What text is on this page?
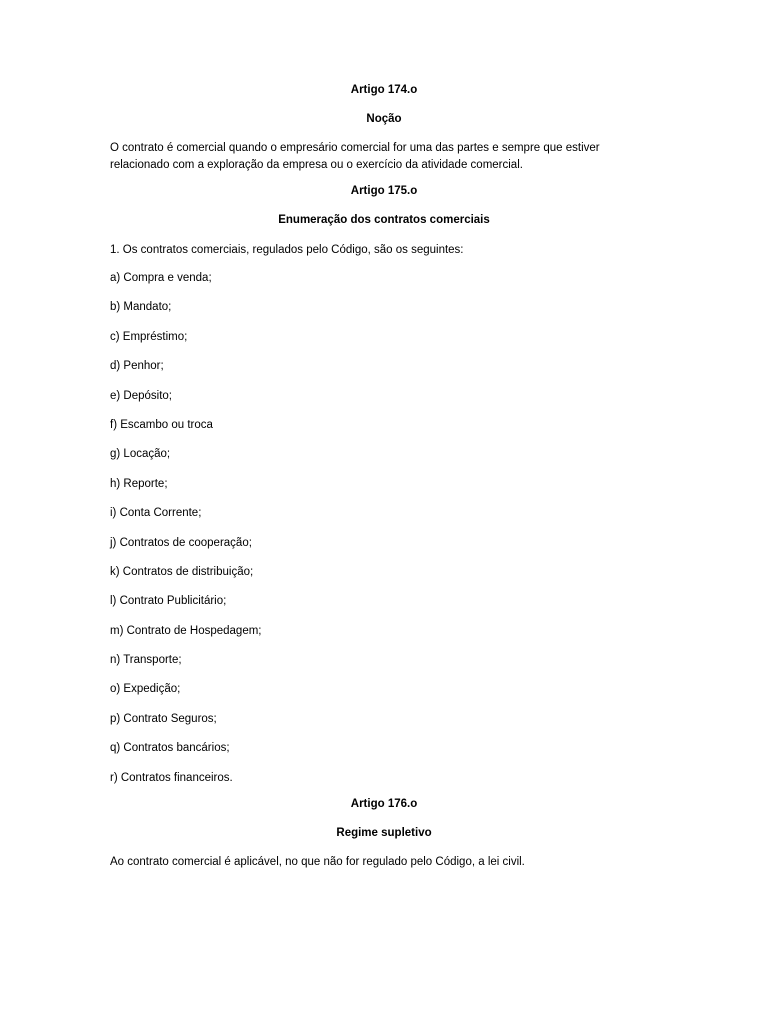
Artigo 174.o

Noção

O contrato é comercial quando o empresário comercial for uma das partes e sempre que estiver relacionado com a exploração da empresa ou o exercício da atividade comercial.

Artigo 175.o

Enumeração dos contratos comerciais

1. Os contratos comerciais, regulados pelo Código, são os seguintes:

a) Compra e venda;
b) Mandato;
c) Empréstimo;
d) Penhor;
e) Depósito;
f) Escambo ou troca
g) Locação;
h) Reporte;
i) Conta Corrente;
j) Contratos de cooperação;
k) Contratos de distribuição;
l) Contrato Publicitário;
m) Contrato de Hospedagem;
n) Transporte;
o) Expedição;
p) Contrato Seguros;
q) Contratos bancários;
r) Contratos financeiros.

Artigo 176.o

Regime supletivo

Ao contrato comercial é aplicável, no que não for regulado pelo Código, a lei civil.
